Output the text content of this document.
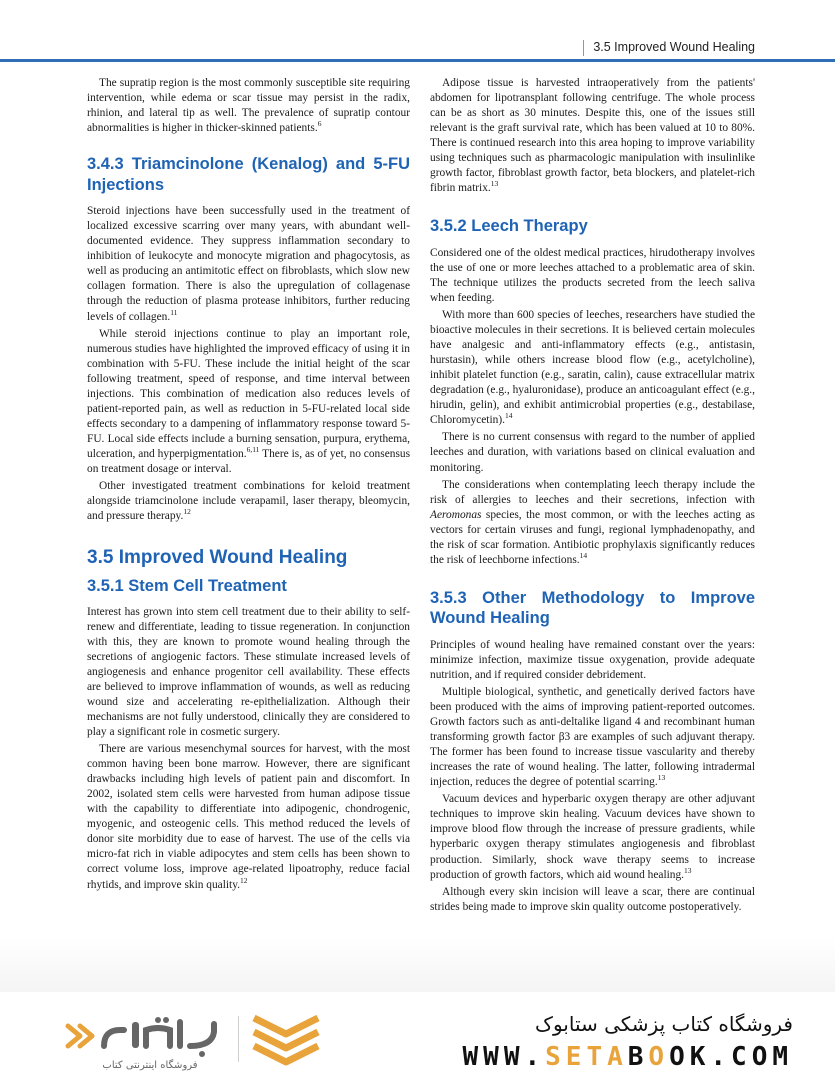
3.5 Improved Wound Healing

The supratip region is the most commonly susceptible site requiring intervention, while edema or scar tissue may persist in the radix, rhinion, and lateral tip as well. The prevalence of supratip contour abnormalities is higher in thicker-skinned patients.$^6$

3.4.3 Triamcinolone (Kenalog) and 5-FU Injections

Steroid injections have been successfully used in the treatment of localized excessive scarring over many years, with abundant well-documented evidence. They suppress inflammation secondary to inhibition of leukocyte and monocyte migration and phagocytosis, as well as producing an antimitotic effect on fibroblasts, which slow new collagen formation. There is also the upregulation of collagenase through the reduction of plasma protease inhibitors, further reducing levels of collagen.$^{11}$

While steroid injections continue to play an important role, numerous studies have highlighted the improved efficacy of using it in combination with 5-FU. These include the initial height of the scar following treatment, speed of response, and time interval between injections. This combination of medication also reduces levels of patient-reported pain, as well as reduction in 5-FU-related local side effects secondary to a dampening of inflammatory response toward 5-FU. Local side effects include a burning sensation, purpura, erythema, ulceration, and hyperpigmentation.$^{6,11}$ There is, as of yet, no consensus on treatment dosage or interval.

Other investigated treatment combinations for keloid treatment alongside triamcinolone include verapamil, laser therapy, bleomycin, and pressure therapy.$^{12}$

3.5 Improved Wound Healing
3.5.1 Stem Cell Treatment

Interest has grown into stem cell treatment due to their ability to self-renew and differentiate, leading to tissue regeneration. In conjunction with this, they are known to promote wound healing through the secretions of angiogenic factors. These stimulate increased levels of angiogenesis and enhance progenitor cell availability. These effects are believed to improve inflammation of wounds, as well as reducing wound size and accelerating re-epithelialization. Although their mechanisms are not fully understood, clinically they are considered to play a significant role in cosmetic surgery.

There are various mesenchymal sources for harvest, with the most common having been bone marrow. However, there are significant drawbacks including high levels of patient pain and discomfort. In 2002, isolated stem cells were harvested from human adipose tissue with the capability to differentiate into adipogenic, chondrogenic, myogenic, and osteogenic cells. This method reduced the levels of donor site morbidity due to ease of harvest. The use of the cells via micro-fat rich in viable adipocytes and stem cells has been shown to correct volume loss, improve age-related lipoatrophy, reduce facial rhytids, and improve skin quality.$^{12}$

Adipose tissue is harvested intraoperatively from the patients' abdomen for lipotransplant following centrifuge. The whole process can be as short as 30 minutes. Despite this, one of the issues still relevant is the graft survival rate, which has been valued at 10 to 80%. There is continued research into this area hoping to improve variability using techniques such as pharmacologic manipulation with insulinlike growth factor, fibroblast growth factor, beta blockers, and platelet-rich fibrin matrix.$^{13}$

3.5.2 Leech Therapy

Considered one of the oldest medical practices, hirudotherapy involves the use of one or more leeches attached to a problematic area of skin. The technique utilizes the products secreted from the leech saliva when feeding.

With more than 600 species of leeches, researchers have studied the bioactive molecules in their secretions. It is believed certain molecules have analgesic and anti-inflammatory effects (e.g., antistasin, hurstasin), while others increase blood flow (e.g., acetylcholine), inhibit platelet function (e.g., saratin, calin), cause extracellular matrix degradation (e.g., hyaluronidase), produce an anticoagulant effect (e.g., hirudin, gelin), and exhibit antimicrobial properties (e.g., destabilase, Chloromycetin).$^{14}$

There is no current consensus with regard to the number of applied leeches and duration, with variations based on clinical evaluation and monitoring.

The considerations when contemplating leech therapy include the risk of allergies to leeches and their secretions, infection with Aeromonas species, the most common, or with the leeches acting as vectors for certain viruses and fungi, regional lymphadenopathy, and the risk of scar formation. Antibiotic prophylaxis significantly reduces the risk of leechborne infections.$^{14}$

3.5.3 Other Methodology to Improve Wound Healing

Principles of wound healing have remained constant over the years: minimize infection, maximize tissue oxygenation, provide adequate nutrition, and if required consider debridement.

Multiple biological, synthetic, and genetically derived factors have been produced with the aims of improving patient-reported outcomes. Growth factors such as anti-deltalike ligand 4 and recombinant human transforming growth factor β3 are examples of such adjuvant therapy. The former has been found to increase tissue vascularity and thereby increases the rate of wound healing. The latter, following intradermal injection, reduces the degree of potential scarring.$^{13}$

Vacuum devices and hyperbaric oxygen therapy are other adjuvant techniques to improve skin healing. Vacuum devices have shown to improve blood flow through the increase of pressure gradients, while hyperbaric oxygen therapy stimulates angiogenesis and fibroblast production. Similarly, shock wave therapy seems to increase production of growth factors, which aid wound healing.$^{13}$

Although every skin incision will leave a scar, there are continual strides being made to improve skin quality outcome postoperatively.

فروشگاه اینترنتی کتاب
فروشگاه کتاب پزشکی ستابوک
WWW.SETABOOK.COM
